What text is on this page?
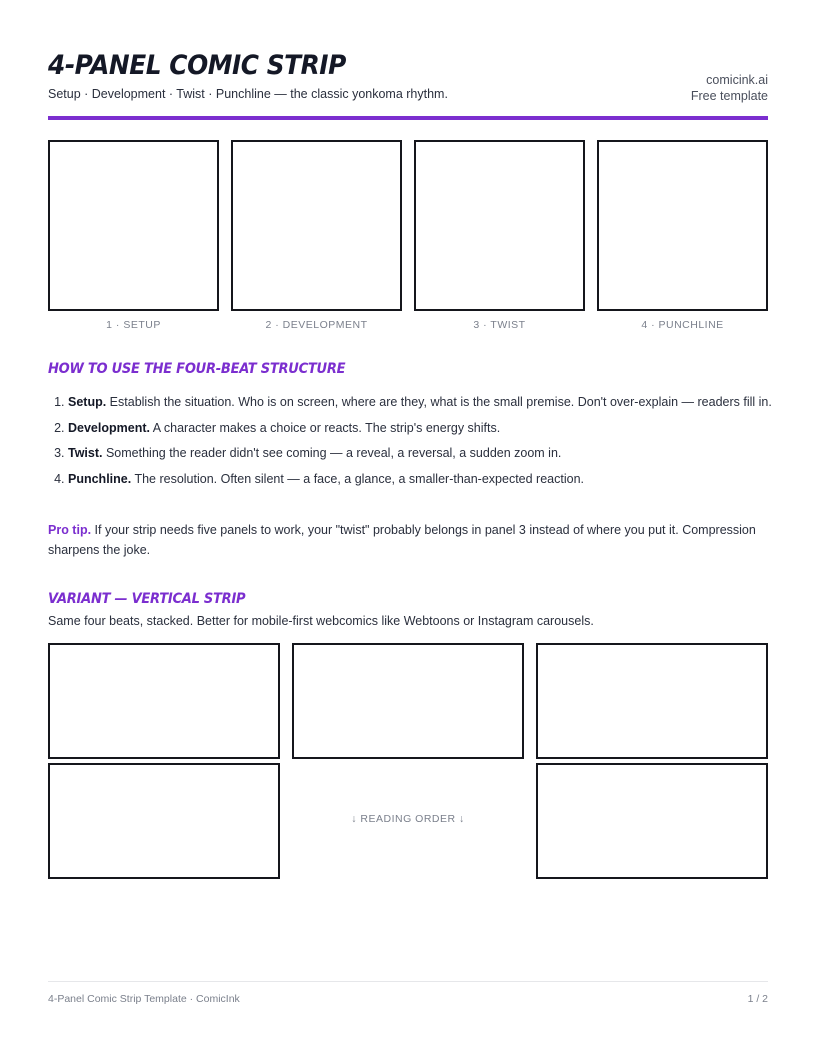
4-PANEL COMIC STRIP
Setup · Development · Twist · Punchline — the classic yonkoma rhythm.
comicink.ai
Free template
1 · SETUP	2 · DEVELOPMENT	3 · TWIST	4 · PUNCHLINE
HOW TO USE THE FOUR-BEAT STRUCTURE
1. Setup. Establish the situation. Who is on screen, where are they, what is the small premise. Don't over-explain — readers fill in.
2. Development. A character makes a choice or reacts. The strip's energy shifts.
3. Twist. Something the reader didn't see coming — a reveal, a reversal, a sudden zoom in.
4. Punchline. The resolution. Often silent — a face, a glance, a smaller-than-expected reaction.
Pro tip. If your strip needs five panels to work, your "twist" probably belongs in panel 3 instead of where you put it. Compression sharpens the joke.
VARIANT — VERTICAL STRIP
Same four beats, stacked. Better for mobile-first webcomics like Webtoons or Instagram carousels.
↓ READING ORDER ↓
4-Panel Comic Strip Template · ComicInk	1 / 2
